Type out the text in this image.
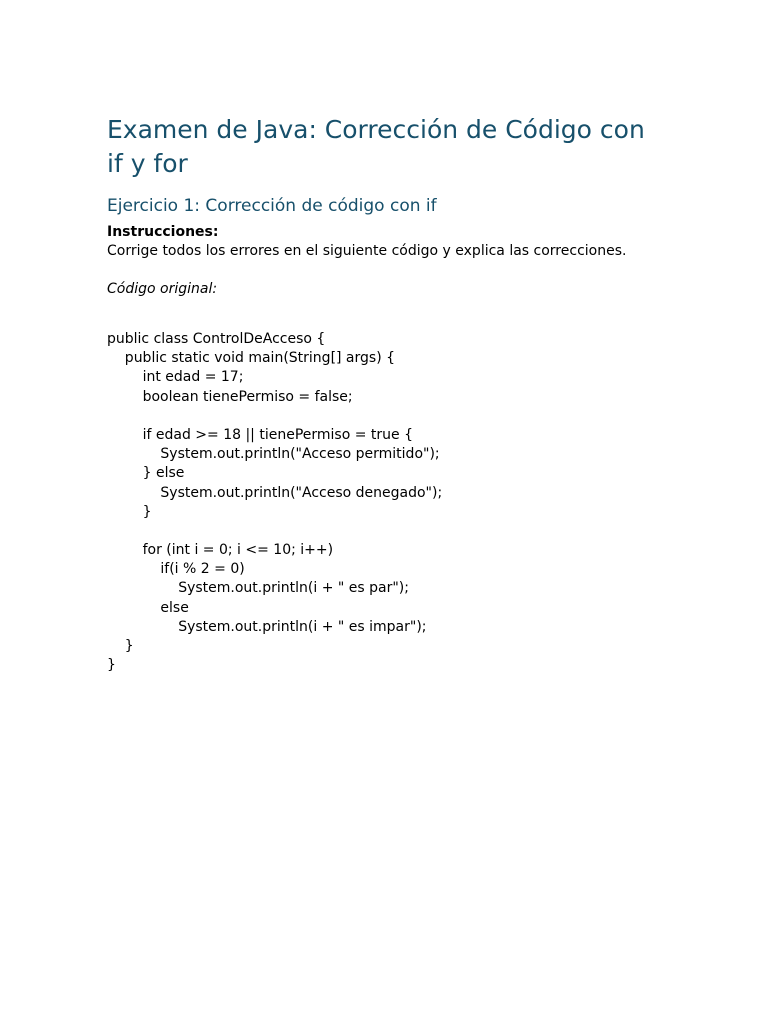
Examen de Java: Corrección de Código con if y for
Ejercicio 1: Corrección de código con if
Instrucciones:
Corrige todos los errores en el siguiente código y explica las correcciones.
Código original:
public class ControlDeAcceso {
public static void main(String[] args) {
int edad = 17;
boolean tienePermiso = false;
if edad >= 18 || tienePermiso = true {
System.out.println("Acceso permitido");
} else
System.out.println("Acceso denegado");
}
for (int i = 0; i <= 10; i++)
if(i % 2 = 0)
System.out.println(i + " es par");
else
System.out.println(i + " es impar");
}
}
